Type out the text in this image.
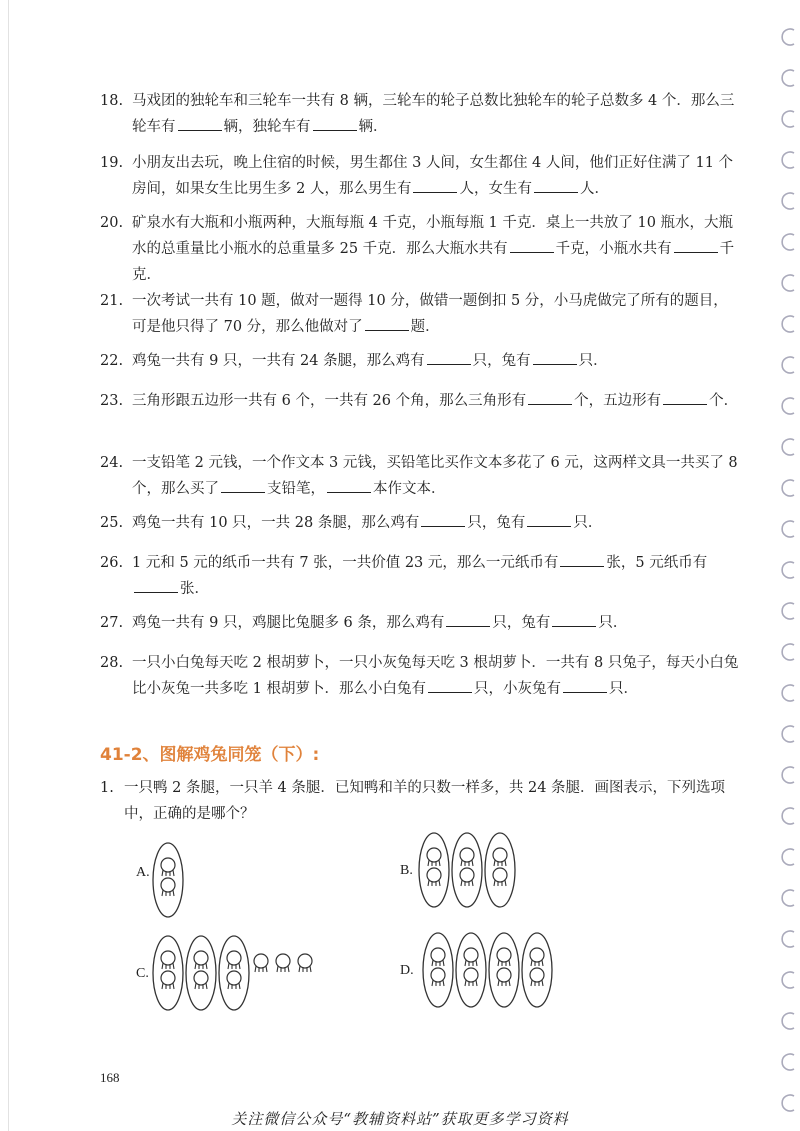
18. 马戏团的独轮车和三轮车一共有 8 辆，三轮车的轮子总数比独轮车的轮子总数多 4 个．那么三轮车有	辆，独轮车有	辆．
19. 小朋友出去玩，晚上住宿的时候，男生都住 3 人间，女生都住 4 人间，他们正好住满了 11 个房间，如果女生比男生多 2 人，那么男生有	人，女生有	人．
20. 矿泉水有大瓶和小瓶两种，大瓶每瓶 4 千克，小瓶每瓶 1 千克．桌上一共放了 10 瓶水，大瓶水的总重量比小瓶水的总重量多 25 千克．那么大瓶水共有	千克，小瓶水共有	千克．
21. 一次考试一共有 10 题，做对一题得 10 分，做错一题倒扣 5 分，小马虎做完了所有的题目，可是他只得了 70 分，那么他做对了	题．
22. 鸡兔一共有 9 只，一共有 24 条腿，那么鸡有	只，兔有	只．
23. 三角形跟五边形一共有 6 个，一共有 26 个角，那么三角形有	个，五边形有	个．
24. 一支铅笔 2 元钱，一个作文本 3 元钱，买铅笔比买作文本多花了 6 元，这两样文具一共买了 8 个，那么买了	支铅笔，	本作文本．
25. 鸡兔一共有 10 只，一共 28 条腿，那么鸡有	只，兔有	只．
26. 1 元和 5 元的纸币一共有 7 张，一共价值 23 元，那么一元纸币有	张，5 元纸币有张．
27. 鸡兔一共有 9 只，鸡腿比兔腿多 6 条，那么鸡有	只，兔有	只．
28. 一只小白兔每天吃 2 根胡萝卜，一只小灰兔每天吃 3 根胡萝卜．一共有 8 只兔子，每天小白兔比小灰兔一共多吃 1 根胡萝卜．那么小白兔有	只，小灰兔有	只．
41-2、图解鸡兔同笼（下）:
1. 一只鸭 2 条腿，一只羊 4 条腿．已知鸭和羊的只数一样多，共 24 条腿．画图表示，下列选项中，正确的是哪个？
A.	B.
C.	D.
168
关注微信公众号“教辅资料站”获取更多学习资料
